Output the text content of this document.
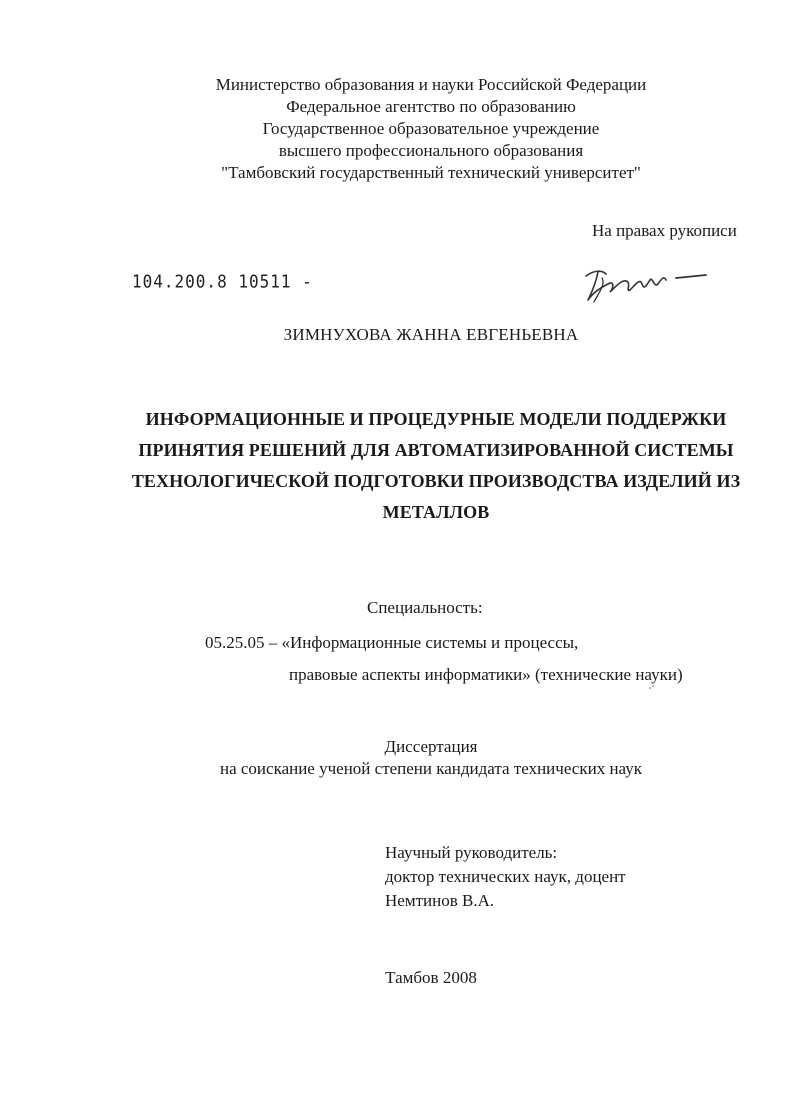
Министерство образования и науки Российской Федерации
Федеральное агентство по образованию
Государственное образовательное учреждение
высшего профессионального образования
"Тамбовский государственный технический университет"
На правах рукописи
104.200.8 10511 -
ЗИМНУХОВА ЖАННА ЕВГЕНЬЕВНА
ИНФОРМАЦИОННЫЕ И ПРОЦЕДУРНЫЕ МОДЕЛИ ПОДДЕРЖКИ
ПРИНЯТИЯ РЕШЕНИЙ ДЛЯ АВТОМАТИЗИРОВАННОЙ СИСТЕМЫ
ТЕХНОЛОГИЧЕСКОЙ ПОДГОТОВКИ ПРОИЗВОДСТВА ИЗДЕЛИЙ ИЗ
МЕТАЛЛОВ
Специальность:
05.25.05 – «Информационные системы и процессы,
правовые аспекты информатики» (технические науки)
Диссертация
на соискание ученой степени кандидата технических наук
Научный руководитель:
доктор технических наук, доцент
Немтинов В.А.
Тамбов 2008
